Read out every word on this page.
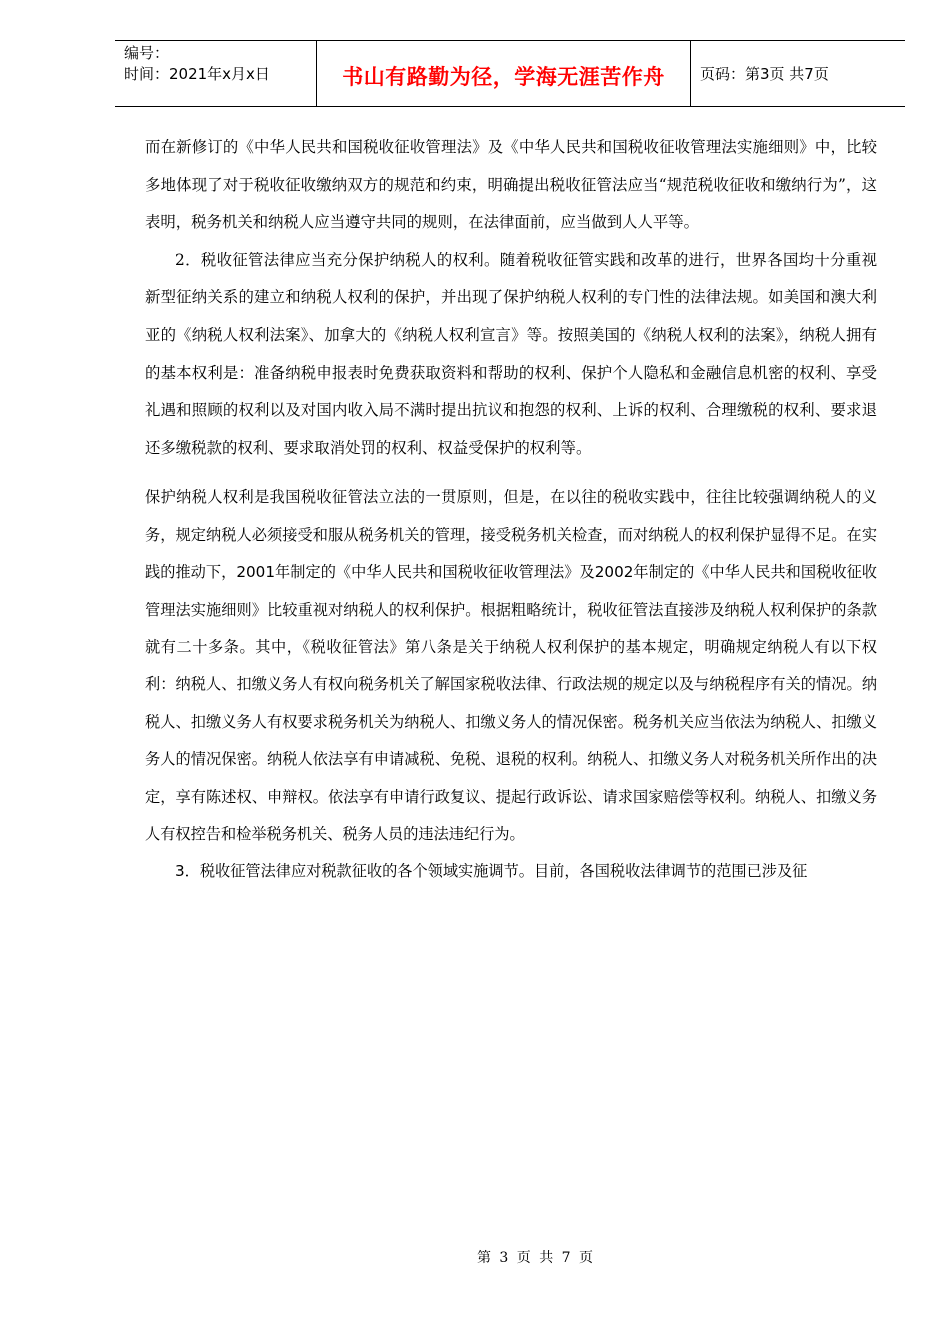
编号：
时间：2021年x月x日	书山有路勤为径，学海无涯苦作舟 页码：第3页 共7页

而在新修订的《中华人民共和国税收征收管理法》及《中华人民共和国税收征收管理法实施细则》中，比较多地体现了对于税收征收缴纳双方的规范和约束，明确提出税收征管法应当“规范税收征收和缴纳行为”，这表明，税务机关和纳税人应当遵守共同的规则，在法律面前，应当做到人人平等。

2．税收征管法律应当充分保护纳税人的权利。随着税收征管实践和改革的进行，世界各国均十分重视新型征纳关系的建立和纳税人权利的保护，并出现了保护纳税人权利的专门性的法律法规。如美国和澳大利亚的《纳税人权利法案》、加拿大的《纳税人权利宣言》等。按照美国的《纳税人权利的法案》，纳税人拥有的基本权利是：准备纳税申报表时免费获取资料和帮助的权利、保护个人隐私和金融信息机密的权利、享受礼遇和照顾的权利以及对国内收入局不满时提出抗议和抱怨的权利、上诉的权利、合理缴税的权利、要求退还多缴税款的权利、要求取消处罚的权利、权益受保护的权利等。

保护纳税人权利是我国税收征管法立法的一贯原则，但是，在以往的税收实践中，往往比较强调纳税人的义务，规定纳税人必须接受和服从税务机关的管理，接受税务机关检查，而对纳税人的权利保护显得不足。在实践的推动下，2001年制定的《中华人民共和国税收征收管理法》及2002年制定的《中华人民共和国税收征收管理法实施细则》比较重视对纳税人的权利保护。根据粗略统计，税收征管法直接涉及纳税人权利保护的条款就有二十多条。其中，《税收征管法》第八条是关于纳税人权利保护的基本规定，明确规定纳税人有以下权利：纳税人、扣缴义务人有权向税务机关了解国家税收法律、行政法规的规定以及与纳税程序有关的情况。纳税人、扣缴义务人有权要求税务机关为纳税人、扣缴义务人的情况保密。税务机关应当依法为纳税人、扣缴义务人的情况保密。纳税人依法享有申请减税、免税、退税的权利。纳税人、扣缴义务人对税务机关所作出的决定，享有陈述权、申辩权。依法享有申请行政复议、提起行政诉讼、请求国家赔偿等权利。纳税人、扣缴义务人有权控告和检举税务机关、税务人员的违法违纪行为。

3．税收征管法律应对税款征收的各个领域实施调节。目前，各国税收法律调节的范围已涉及征

第 3 页 共 7 页
